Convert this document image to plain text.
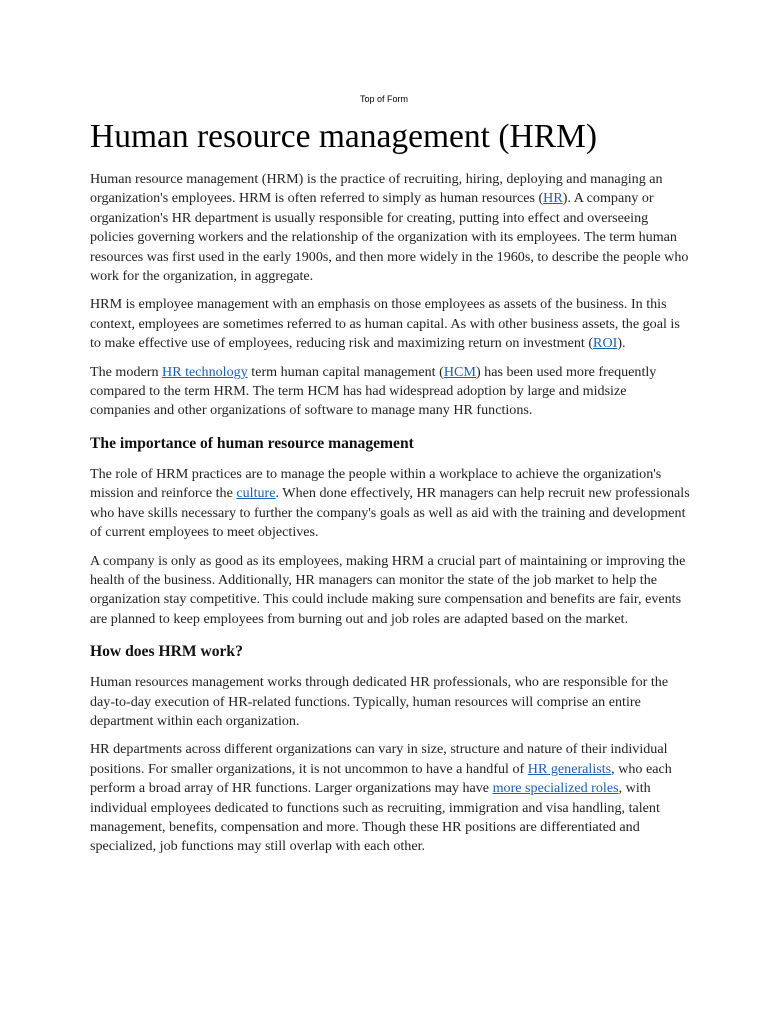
Top of Form
Human resource management (HRM)

Human resource management (HRM) is the practice of recruiting, hiring, deploying and managing an organization's employees. HRM is often referred to simply as human resources (HR). A company or organization's HR department is usually responsible for creating, putting into effect and overseeing policies governing workers and the relationship of the organization with its employees. The term human resources was first used in the early 1900s, and then more widely in the 1960s, to describe the people who work for the organization, in aggregate.

HRM is employee management with an emphasis on those employees as assets of the business. In this context, employees are sometimes referred to as human capital. As with other business assets, the goal is to make effective use of employees, reducing risk and maximizing return on investment (ROI).

The modern HR technology term human capital management (HCM) has been used more frequently compared to the term HRM. The term HCM has had widespread adoption by large and midsize companies and other organizations of software to manage many HR functions.

The importance of human resource management

The role of HRM practices are to manage the people within a workplace to achieve the organization's mission and reinforce the culture. When done effectively, HR managers can help recruit new professionals who have skills necessary to further the company's goals as well as aid with the training and development of current employees to meet objectives.

A company is only as good as its employees, making HRM a crucial part of maintaining or improving the health of the business. Additionally, HR managers can monitor the state of the job market to help the organization stay competitive. This could include making sure compensation and benefits are fair, events are planned to keep employees from burning out and job roles are adapted based on the market.

How does HRM work?

Human resources management works through dedicated HR professionals, who are responsible for the day-to-day execution of HR-related functions. Typically, human resources will comprise an entire department within each organization.

HR departments across different organizations can vary in size, structure and nature of their individual positions. For smaller organizations, it is not uncommon to have a handful of HR generalists, who each perform a broad array of HR functions. Larger organizations may have more specialized roles, with individual employees dedicated to functions such as recruiting, immigration and visa handling, talent management, benefits, compensation and more. Though these HR positions are differentiated and specialized, job functions may still overlap with each other.
